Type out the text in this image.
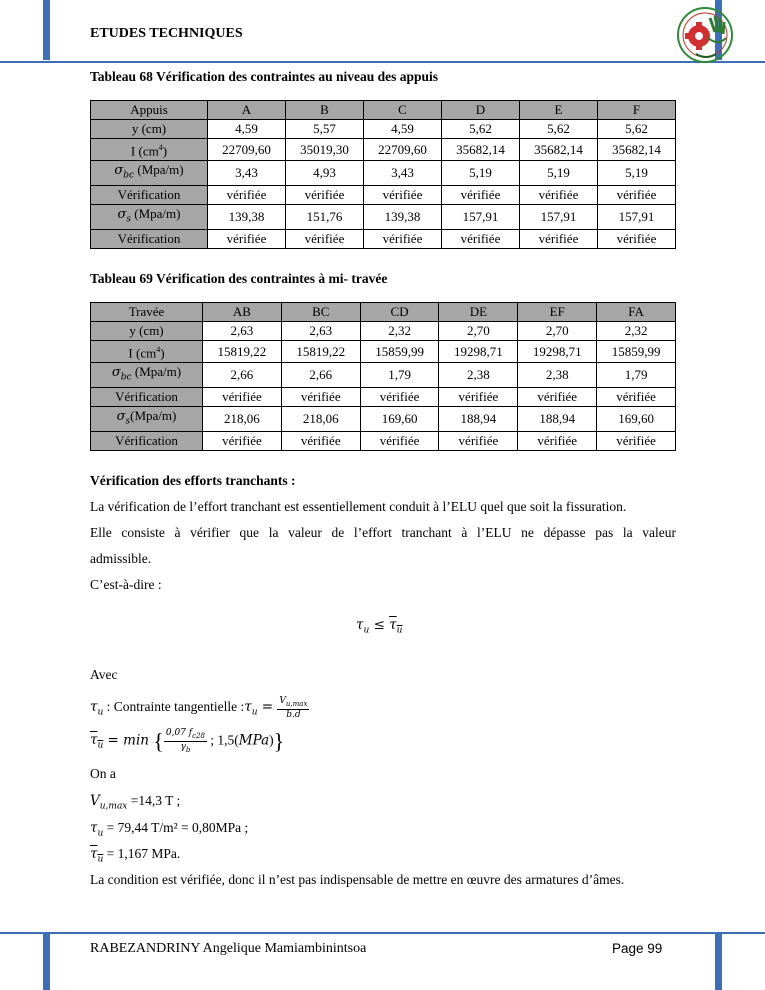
ETUDES TECHNIQUES
Tableau 68 Vérification des contraintes au niveau des appuis
Appuis	A	B	C	D	E	F
y (cm)	4,59	5,57	4,59	5,62	5,62	5,62
I $(cm^4)$	22709,60	35019,30	22709,60	35682,14	35682,14	35682,14
$\sigma_{bc}$ (Mpa/m)	3,43	4,93	3,43	5,19	5,19	5,19
Vérification	vérifiée	vérifiée	vérifiée	vérifiée	vérifiée	vérifiée
$\sigma_s$ (Mpa/m)	139,38	151,76	139,38	157,91	157,91	157,91
Vérification	vérifiée	vérifiée	vérifiée	vérifiée	vérifiée	vérifiée
Tableau 69 Vérification des contraintes à mi- travée
Travée	AB	BC	CD	DE	EF	FA
y (cm)	2,63	2,63	2,32	2,70	2,70	2,32
I $(cm^4)$	15819,22	15819,22	15859,99	19298,71	19298,71	15859,99
$\sigma_{bc}$ (Mpa/m)	2,66	2,66	1,79	2,38	2,38	1,79
Vérification	vérifiée	vérifiée	vérifiée	vérifiée	vérifiée	vérifiée
$\sigma_s(Mpa/m)$	218,06	218,06	169,60	188,94	188,94	169,60
Vérification	vérifiée	vérifiée	vérifiée	vérifiée	vérifiée	vérifiée
Vérification des efforts tranchants :
La vérification de l’effort tranchant est essentiellement conduit à l’ELU quel que soit la fissuration.
Elle consiste à vérifier que la valeur de l’effort tranchant à l’ELU ne dépasse pas la valeur
admissible.
C’est-à-dire :
$\tau_u \le \tau_u$
Avec
$\tau_u$ : Contrainte tangentielle $:\tau_u = \frac{V_{u,max}}{b.d}$
$\tau_u = \min$ { $\frac{0,07 f_{c28}}{\gamma_b}$ ; 1,5(MPa)}
On a
$V_{u,max} =14,3$ T ;
$\tau_u = 79,44$ T/m² = 0,80MPa ;
$\tau_u = 1,167$ MPa.
La condition est vérifiée, donc il n’est pas indispensable de mettre en œuvre des armatures d’âmes.
RABEZANDRINY Angelique Mamiambinintsoa	Page 99
